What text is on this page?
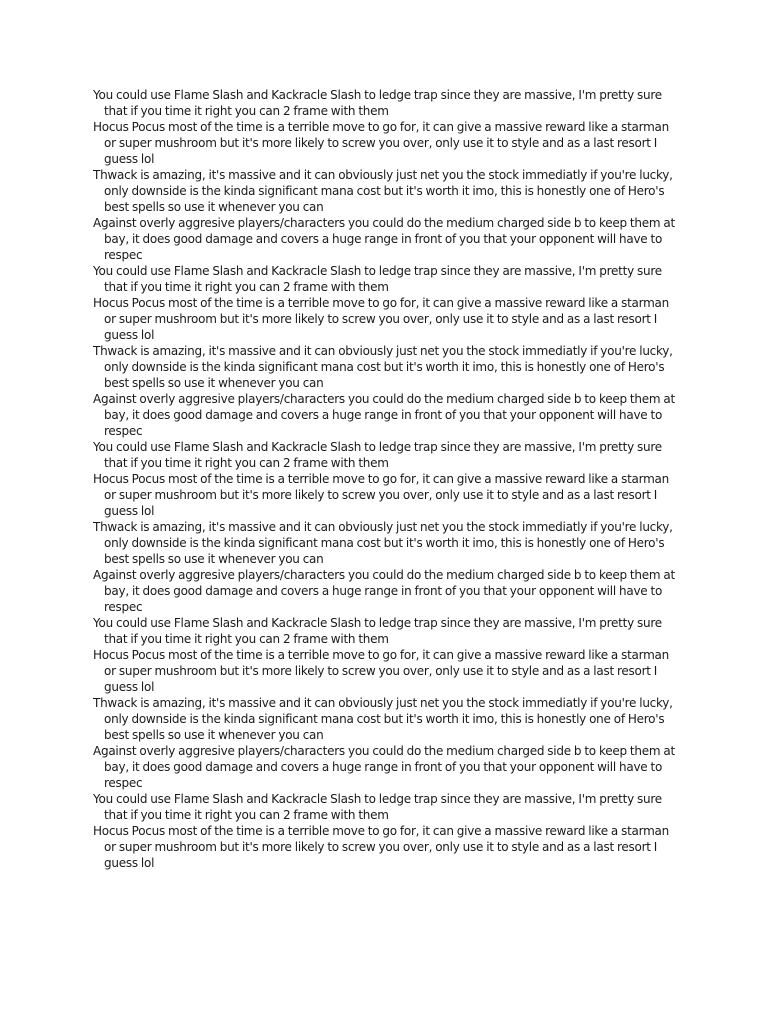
You could use Flame Slash and Kackracle Slash to ledge trap since they are massive, I'm pretty sure that if you time it right you can 2 frame with them

Hocus Pocus most of the time is a terrible move to go for, it can give a massive reward like a starman or super mushroom but it's more likely to screw you over, only use it to style and as a last resort I guess lol

Thwack is amazing, it's massive and it can obviously just net you the stock immediatly if you're lucky, only downside is the kinda significant mana cost but it's worth it imo, this is honestly one of Hero's best spells so use it whenever you can

Against overly aggresive players/characters you could do the medium charged side b to keep them at bay, it does good damage and covers a huge range in front of you that your opponent will have to respec

You could use Flame Slash and Kackracle Slash to ledge trap since they are massive, I'm pretty sure that if you time it right you can 2 frame with them

Hocus Pocus most of the time is a terrible move to go for, it can give a massive reward like a starman or super mushroom but it's more likely to screw you over, only use it to style and as a last resort I guess lol

Thwack is amazing, it's massive and it can obviously just net you the stock immediatly if you're lucky, only downside is the kinda significant mana cost but it's worth it imo, this is honestly one of Hero's best spells so use it whenever you can

Against overly aggresive players/characters you could do the medium charged side b to keep them at bay, it does good damage and covers a huge range in front of you that your opponent will have to respec

You could use Flame Slash and Kackracle Slash to ledge trap since they are massive, I'm pretty sure that if you time it right you can 2 frame with them

Hocus Pocus most of the time is a terrible move to go for, it can give a massive reward like a starman or super mushroom but it's more likely to screw you over, only use it to style and as a last resort I guess lol

Thwack is amazing, it's massive and it can obviously just net you the stock immediatly if you're lucky, only downside is the kinda significant mana cost but it's worth it imo, this is honestly one of Hero's best spells so use it whenever you can

Against overly aggresive players/characters you could do the medium charged side b to keep them at bay, it does good damage and covers a huge range in front of you that your opponent will have to respec

You could use Flame Slash and Kackracle Slash to ledge trap since they are massive, I'm pretty sure that if you time it right you can 2 frame with them

Hocus Pocus most of the time is a terrible move to go for, it can give a massive reward like a starman or super mushroom but it's more likely to screw you over, only use it to style and as a last resort I guess lol

Thwack is amazing, it's massive and it can obviously just net you the stock immediatly if you're lucky, only downside is the kinda significant mana cost but it's worth it imo, this is honestly one of Hero's best spells so use it whenever you can

Against overly aggresive players/characters you could do the medium charged side b to keep them at bay, it does good damage and covers a huge range in front of you that your opponent will have to respec

You could use Flame Slash and Kackracle Slash to ledge trap since they are massive, I'm pretty sure that if you time it right you can 2 frame with them

Hocus Pocus most of the time is a terrible move to go for, it can give a massive reward like a starman or super mushroom but it's more likely to screw you over, only use it to style and as a last resort I guess lol
